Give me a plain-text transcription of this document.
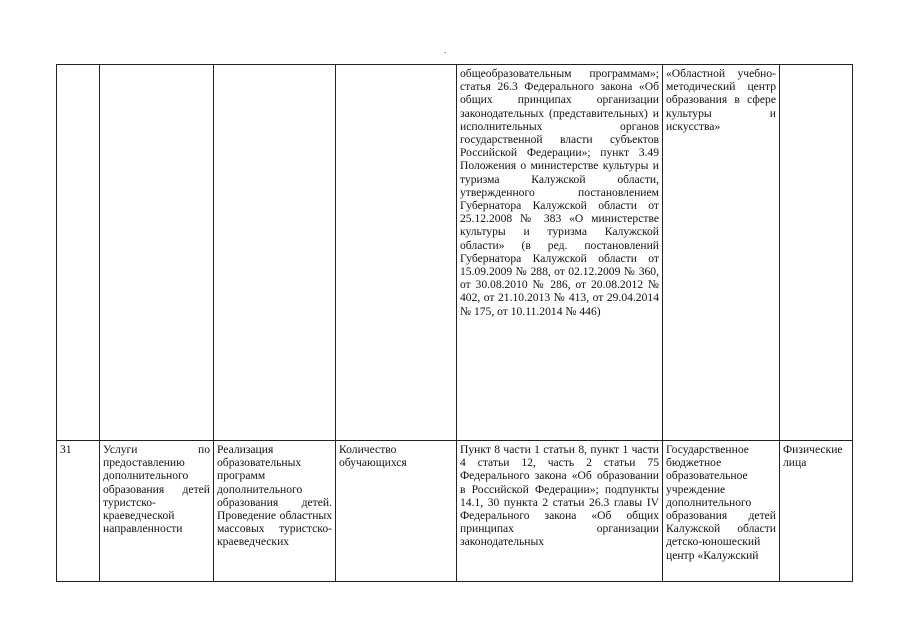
				общеобразовательным программам»; статья 26.3 Федерального закона «Об общих принципах организации законодательных (представительных) и исполнительных органов государственной власти субъектов Российской Федерации»; пункт 3.49 Положения о министерстве культуры и туризма Калужской области, утвержденного постановлением Губернатора Калужской области от 25.12.2008 № 383 «О министерстве культуры и туризма Калужской области» (в ред. постановлений Губернатора Калужской области от 15.09.2009 № 288, от 02.12.2009 № 360, от 30.08.2010 № 286, от 20.08.2012 № 402, от 21.10.2013 № 413, от 29.04.2014 № 175, от 10.11.2014 № 446)	«Областной учебно-методический центр образования в сфере культуры и искусства»	
31	Услуги по предоставлению дополнительного образования детей туристско-краеведческой направленности	Реализация образовательных программ дополнительного образования детей. Проведение областных массовых туристско-краеведческих	Количество обучающихся	Пункт 8 части 1 статьи 8, пункт 1 части 4 статьи 12, часть 2 статьи 75 Федерального закона «Об образовании в Российской Федерации»; подпункты 14.1, 30 пункта 2 статьи 26.3 главы IV Федерального закона «Об общих принципах организации законодательных	Государственное бюджетное образовательное учреждение дополнительного образования детей Калужской области детско-юношеский центр «Калужский	Физические лица
